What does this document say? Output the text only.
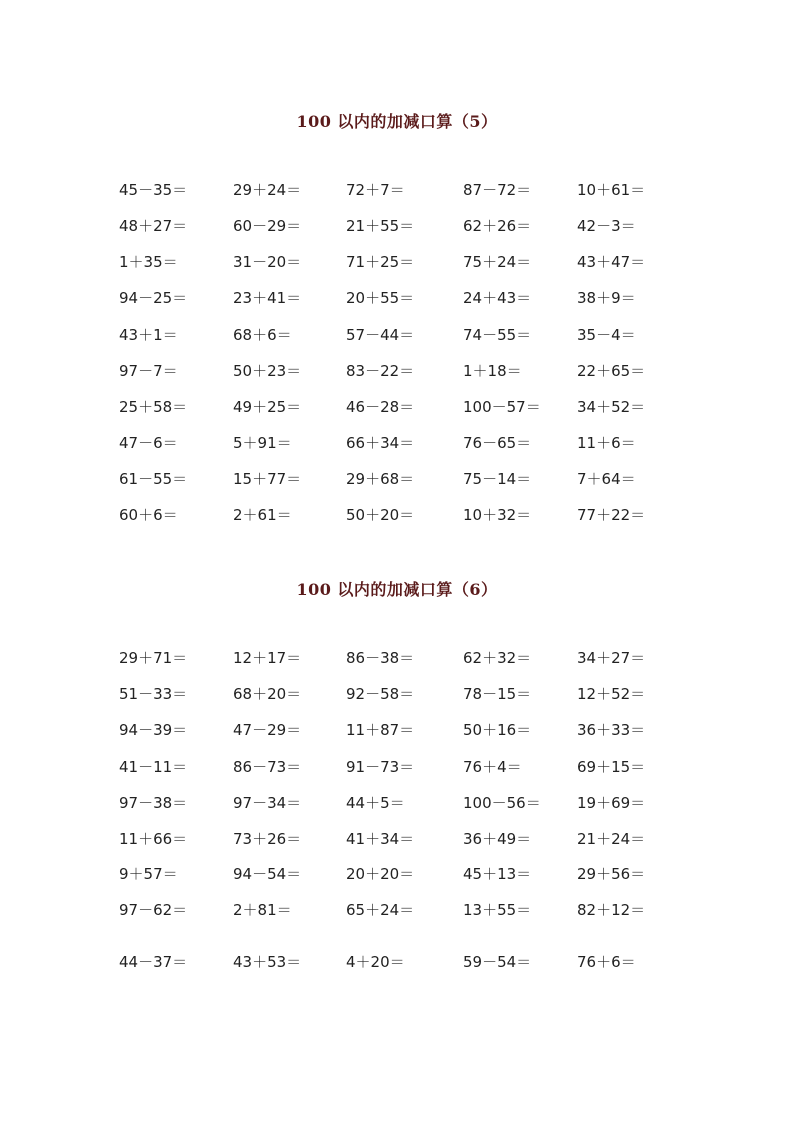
100 以内的加减口算（5）
45－35＝	29＋24＝	72＋7＝	87－72＝	10＋61＝
48＋27＝	60－29＝	21＋55＝	62＋26＝	42－3＝
1＋35＝	31－20＝	71＋25＝	75＋24＝	43＋47＝
94－25＝	23＋41＝	20＋55＝	24＋43＝	38＋9＝
43＋1＝	68＋6＝	57－44＝	74－55＝	35－4＝
97－7＝	50＋23＝	83－22＝	1＋18＝	22＋65＝
25＋58＝	49＋25＝	46－28＝	100－57＝ 34＋52＝
47－6＝	5＋91＝	66＋34＝	76－65＝	11＋6＝
61－55＝	15＋77＝	29＋68＝	75－14＝	7＋64＝
60＋6＝	2＋61＝	50＋20＝	10＋32＝	77＋22＝
100 以内的加减口算（6）
29＋71＝	12＋17＝	86－38＝	62＋32＝	34＋27＝
51－33＝	68＋20＝	92－58＝	78－15＝	12＋52＝
94－39＝	47－29＝	11＋87＝	50＋16＝	36＋33＝
41－11＝	86－73＝	91－73＝	76＋4＝	69＋15＝
97－38＝	97－34＝	44＋5＝	100－56＝ 19＋69＝
11＋66＝	73＋26＝	41＋34＝	36＋49＝	21＋24＝
9＋57＝	94－54＝	20＋20＝	45＋13＝	29＋56＝
97－62＝	2＋81＝	65＋24＝	13＋55＝	82＋12＝
44－37＝	43＋53＝	4＋20＝	59－54＝	76＋6＝
